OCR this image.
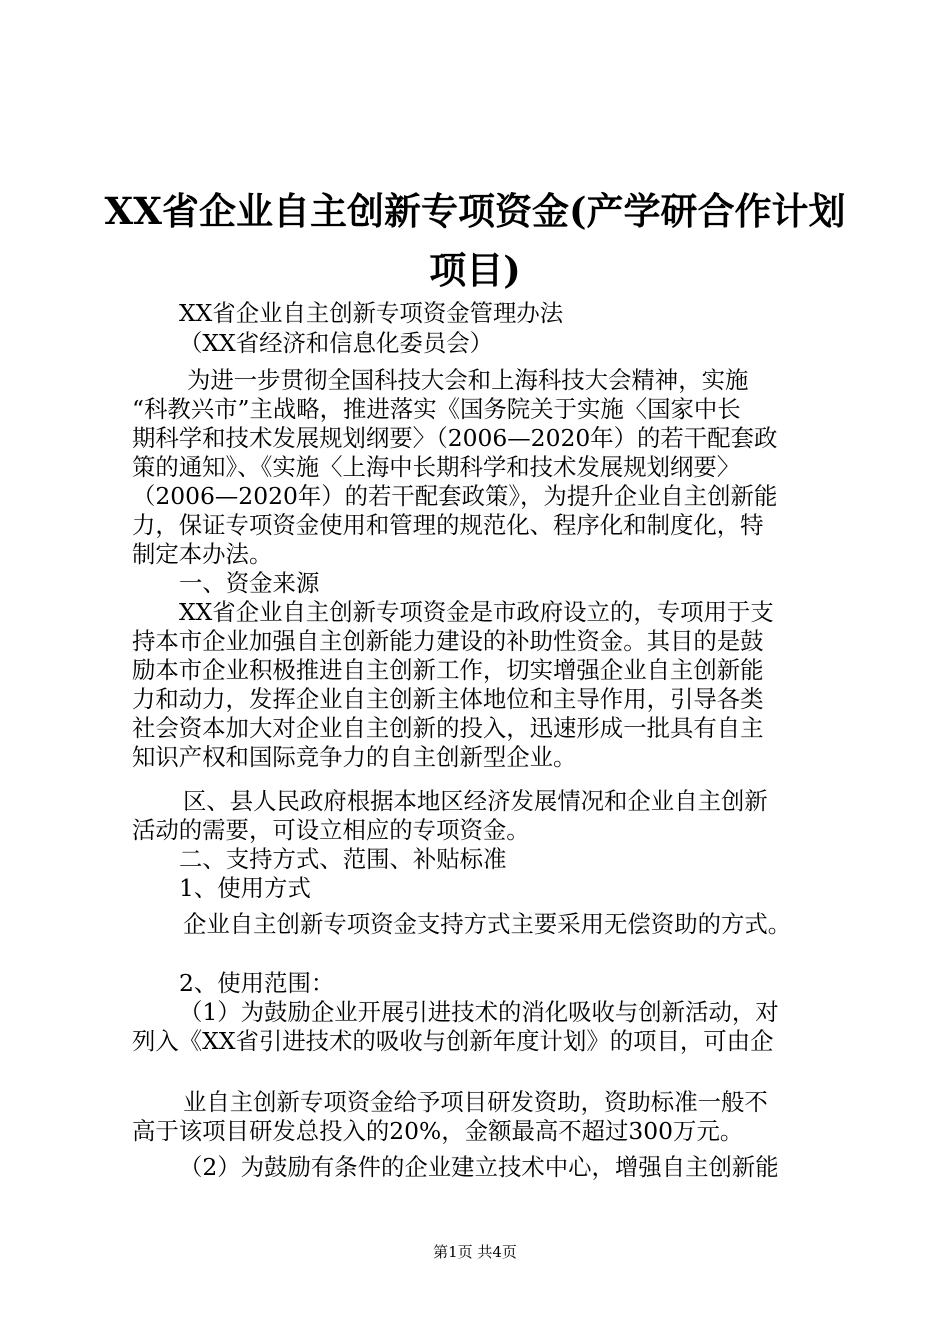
XX省企业自主创新专项资金(产学研合作计划
项目)
XX省企业自主创新专项资金管理办法
（XX省经济和信息化委员会）
为进一步贯彻全国科技大会和上海科技大会精神，实施
“科教兴市”主战略，推进落实《国务院关于实施〈国家中长
期科学和技术发展规划纲要〉（2006—2020年）的若干配套政
策的通知》、《实施〈上海中长期科学和技术发展规划纲要〉
（2006—2020年）的若干配套政策》，为提升企业自主创新能
力，保证专项资金使用和管理的规范化、程序化和制度化，特
制定本办法。
一、资金来源
XX省企业自主创新专项资金是市政府设立的，专项用于支
持本市企业加强自主创新能力建设的补助性资金。其目的是鼓
励本市企业积极推进自主创新工作，切实增强企业自主创新能
力和动力，发挥企业自主创新主体地位和主导作用，引导各类
社会资本加大对企业自主创新的投入，迅速形成一批具有自主
知识产权和国际竞争力的自主创新型企业。
区、县人民政府根据本地区经济发展情况和企业自主创新
活动的需要，可设立相应的专项资金。
二、支持方式、范围、补贴标准
1、使用方式
企业自主创新专项资金支持方式主要采用无偿资助的方式。
2、使用范围：
（1）为鼓励企业开展引进技术的消化吸收与创新活动，对
列入《XX省引进技术的吸收与创新年度计划》的项目，可由企
业自主创新专项资金给予项目研发资助，资助标准一般不
高于该项目研发总投入的20%，金额最高不超过300万元。
（2）为鼓励有条件的企业建立技术中心，增强自主创新能
第1页 共4页
